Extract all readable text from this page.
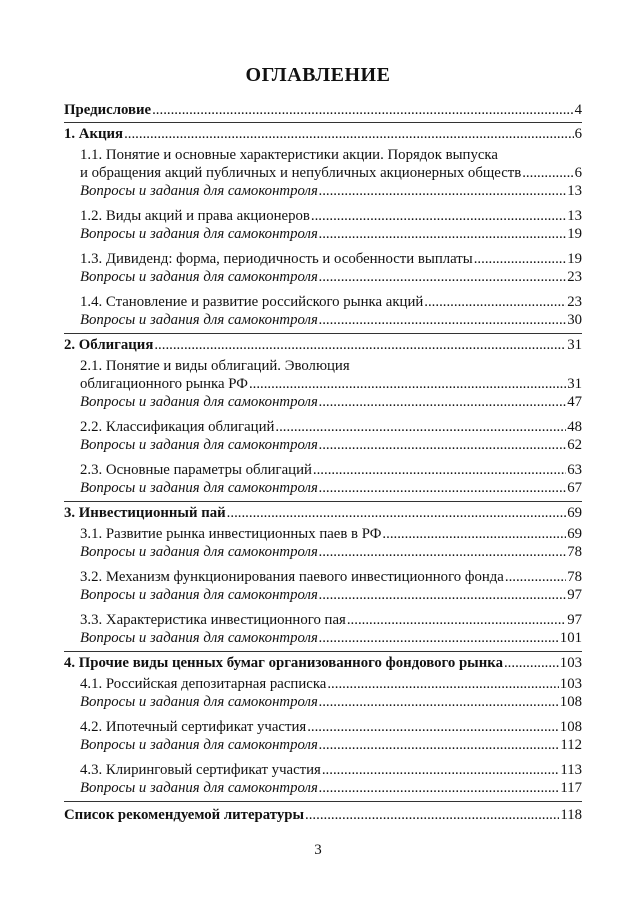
ОГЛАВЛЕНИЕ
Предисловие .....	4
1. Акция .....	6
1.1. Понятие и основные характеристики акции. Порядок выпуска
и обращения акций публичных и непубличных акционерных обществ .....	6
Вопросы и задания для самоконтроля .....	13
1.2. Виды акций и права акционеров .....	13
Вопросы и задания для самоконтроля .....	19
1.3. Дивиденд: форма, периодичность и особенности выплаты .....	19
Вопросы и задания для самоконтроля .....	23
1.4. Становление и развитие российского рынка акций .....	23
Вопросы и задания для самоконтроля .....	30
2. Облигация .....	31
2.1. Понятие и виды облигаций. Эволюция
облигационного рынка РФ .....	31
Вопросы и задания для самоконтроля .....	47
2.2. Классификация облигаций .....	48
Вопросы и задания для самоконтроля .....	62
2.3. Основные параметры облигаций .....	63
Вопросы и задания для самоконтроля .....	67
3. Инвестиционный пай .....	69
3.1. Развитие рынка инвестиционных паев в РФ .....	69
Вопросы и задания для самоконтроля .....	78
3.2. Механизм функционирования паевого инвестиционного фонда .....	78
Вопросы и задания для самоконтроля .....	97
3.3. Характеристика инвестиционного пая .....	97
Вопросы и задания для самоконтроля .....	101
4. Прочие виды ценных бумаг организованного фондового рынка .....	103
4.1. Российская депозитарная расписка .....	103
Вопросы и задания для самоконтроля .....	108
4.2. Ипотечный сертификат участия .....	108
Вопросы и задания для самоконтроля .....	112
4.3. Клиринговый сертификат участия .....	113
Вопросы и задания для самоконтроля .....	117
Список рекомендуемой литературы .....	118
3
